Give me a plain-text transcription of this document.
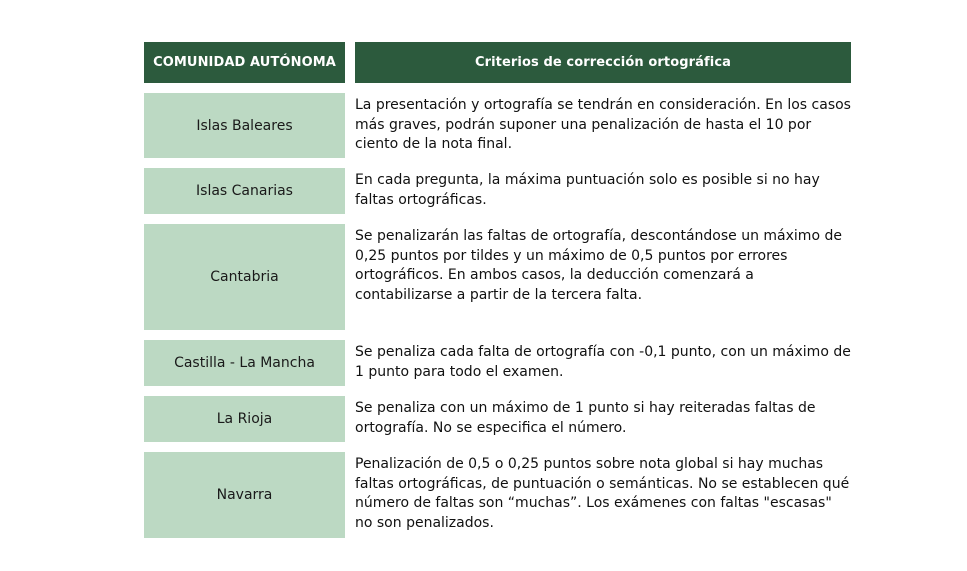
COMUNIDAD AUTÓNOMA	Criterios de corrección ortográfica
Islas Baleares
La presentación y ortografía se tendrán en consideración. En los casos más graves, podrán suponer una penalización de hasta el 10 por ciento de la nota final.
Islas Canarias
En cada pregunta, la máxima puntuación solo es posible si no hay faltas ortográficas.
Cantabria
Se penalizarán las faltas de ortografía, descontándose un máximo de 0,25 puntos por tildes y un máximo de 0,5 puntos por errores ortográficos. En ambos casos, la deducción comenzará a contabilizarse a partir de la tercera falta.
Castilla - La Mancha
Se penaliza cada falta de ortografía con -0,1 punto, con un máximo de 1 punto para todo el examen.
La Rioja
Se penaliza con un máximo de 1 punto si hay reiteradas faltas de ortografía. No se especifica el número.
Navarra
Penalización de 0,5 o 0,25 puntos sobre nota global si hay muchas faltas ortográficas, de puntuación o semánticas. No se establecen qué número de faltas son “muchas”. Los exámenes con faltas "escasas" no son penalizados.
